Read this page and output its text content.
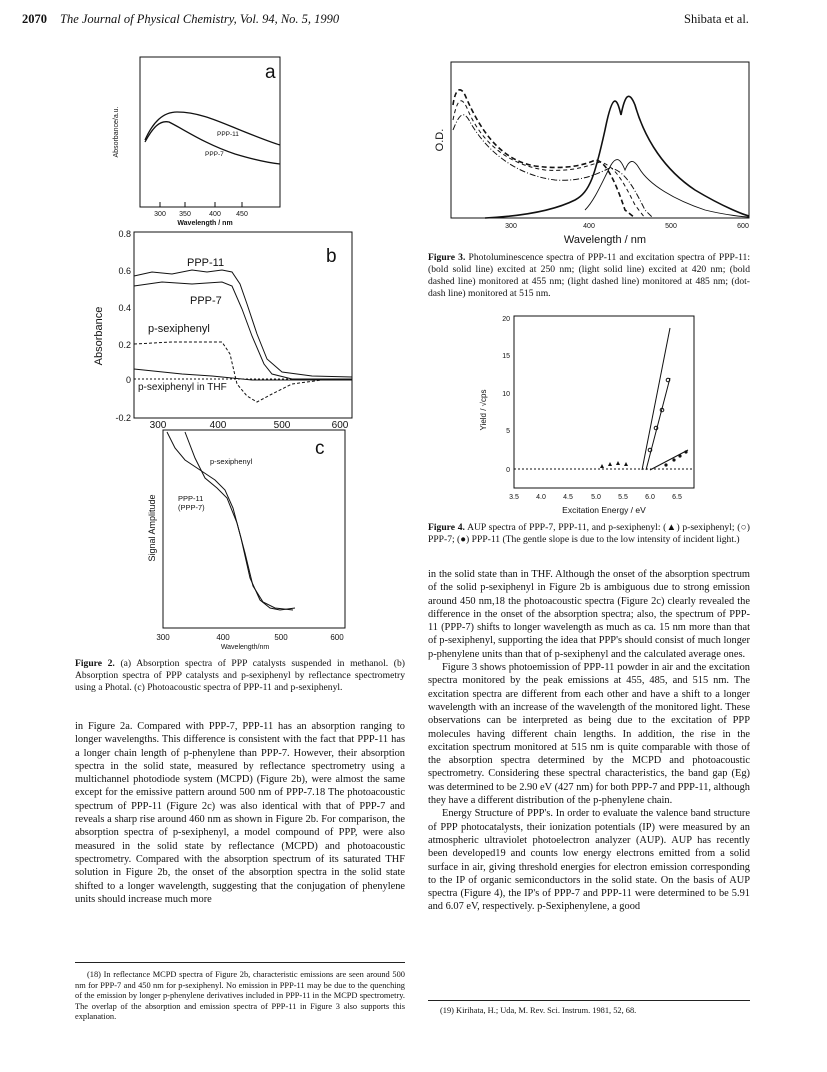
2070 The Journal of Physical Chemistry, Vol. 94, No. 5, 1990	Shibata et al.
a
Absorbance/a.u.
300 350	400 450
Wavelength / nm
PPP-11
PPP-7
b
Absorbance
0.8
0.6
0.4
0.2
0
-0.2
300	400	500	600
PPP-11
PPP-7
p-sexiphenyl
p-sexiphenyl in THF
c
Signal Amplitude
300	400	500	600
Wavelength/nm
p-sexiphenyl
PPP-11
(PPP-7)
Figure 2. (a) Absorption spectra of PPP catalysts suspended in methanol. (b) Absorption spectra of PPP catalysts and p-sexiphenyl by reflectance spectrometry using a Photal. (c) Photoacoustic spectra of PPP-11 and p-sexiphenyl.

in Figure 2a. Compared with PPP-7, PPP-11 has an absorption ranging to longer wavelengths. This difference is consistent with the fact that PPP-11 has a longer chain length of p-phenylene than PPP-7. However, their absorption spectra in the solid state, measured by reflectance spectrometry using a multichannel photodiode system (MCPD) (Figure 2b), were almost the same except for the emissive pattern around 500 nm of PPP-7.18 The photoacoustic spectrum of PPP-11 (Figure 2c) was also identical with that of PPP-7 and reveals a sharp rise around 460 nm as shown in Figure 2b. For comparison, the absorption spectra of p-sexiphenyl, a model compound of PPP, were also measured in the solid state by reflectance (MCPD) and photoacoustic spectrometry. Compared with the absorption spectrum of its saturated THF solution in Figure 2b, the onset of the absorption spectra in the solid state shifted to a longer wavelength, suggesting that the conjugation of phenylene units should increase much more

(18) In reflectance MCPD spectra of Figure 2b, characteristic emissions are seen around 500 nm for PPP-7 and 450 nm for p-sexiphenyl. No emission in PPP-11 may be due to the quenching of the emission by longer p-phenylene derivatives included in PPP-11 in the MCPD spectrometry. The overlap of the absorption and emission spectra of PPP-11 in Figure 3 also supports this explanation.

O.D.
300	400	500	600
Wavelength / nm
Figure 3. Photoluminescence spectra of PPP-11 and excitation spectra of PPP-11: (bold solid line) excited at 250 nm; (light solid line) excited at 420 nm; (bold dashed line) monitored at 455 nm; (light dashed line) monitored at 485 nm; (dot-dash line) monitored at 515 nm.
Yield / √cps
20
15
10
5
0
3.5 4.0 4.5	5.0 5.5 6.0 6.5
Excitation Energy / eV
Figure 4. AUP spectra of PPP-7, PPP-11, and p-sexiphenyl: (▲) p-sexiphenyl; (○) PPP-7; (●) PPP-11 (The gentle slope is due to the low intensity of incident light.)

in the solid state than in THF. Although the onset of the absorption spectrum of the solid p-sexiphenyl in Figure 2b is ambiguous due to strong emission around 450 nm,18 the photoacoustic spectra (Figure 2c) clearly revealed the difference in the onset of the absorption spectra; also, the spectrum of PPP-11 (PPP-7) shifts to longer wavelength as much as ca. 15 nm more than that of p-sexiphenyl, supporting the idea that PPP's should consist of much longer p-phenylene units than that of p-sexiphenyl and the calculated average ones.

Figure 3 shows photoemission of PPP-11 powder in air and the excitation spectra monitored by the peak emissions at 455, 485, and 515 nm. The excitation spectra are different from each other and have a shift to a longer wavelength with an increase of the wavelength of the monitored light. These observations can be interpreted as being due to the excitation of PPP molecules having different chain lengths. In addition, the rise in the excitation spectrum monitored at 515 nm is quite comparable with those of the absorption spectra determined by the MCPD and photoacoustic spectrometry. Considering these spectral characteristics, the band gap (Eg) was determined to be 2.90 eV (427 nm) for both PPP-7 and PPP-11, although they have a different distribution of the p-phenylene chain.

Energy Structure of PPP's. In order to evaluate the valence band structure of PPP photocatalysts, their ionization potentials (IP) were measured by an atmospheric ultraviolet photoelectron analyzer (AUP). AUP has recently been developed19 and counts low energy electrons emitted from a solid surface in air, giving threshold energies for electron emission corresponding to the IP of organic semiconductors in the solid state. On the basis of AUP spectra (Figure 4), the IP's of PPP-7 and PPP-11 were determined to be 5.91 and 6.07 eV, respectively. p-Sexiphenylene, a good

(19) Kirihata, H.; Uda, M. Rev. Sci. Instrum. 1981, 52, 68.
